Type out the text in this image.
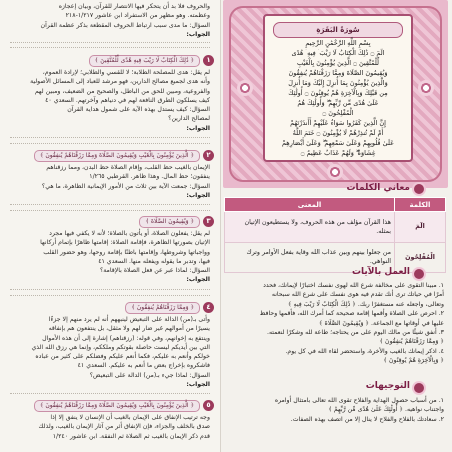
والحروف فلا بد أن يتحكر فيها الانتصار للقرآن، وبيان إعجازه
وعظمته. وهو مظهر من الاستفراد ابن عاشور ١/٢١٧-٢١٨
السؤال: ما مدى سبب ارتباط الحروف المقطعة بذكر عظمة القرآن
الجواب:
١
﴿ ذَٰلِكَ الْكِتَابُ لَا رَيْبَ فِيهِ هُدًى لِّلْمُتَّقِينَ ﴾
لم يقل: هدى للمصلحة الطلابة؛ لا للقسي والطلابي؛ لإرادة العموم،
وأنه هدى لجميع مصالح الدارين، فهو مرشد للعباد إلى المسائل الأصولية
والفروعية، ومبين للحق من الباطل، والصحيح من الضعيف، ومبين لهم
كيف يسلكون الطرق النافعة لهم في دنياهم وآخرتهم. السعدي ٤٠
السؤال: كيف يستدل بهذه الآية على شمول هداية القرآن
لمصالح الدارين؟
الجواب:
٢
﴿ الَّذِينَ يُؤْمِنُونَ بِالْغَيْبِ وَيُقِيمُونَ الصَّلَاةَ وَمِمَّا رَزَقْنَاهُمْ يُنفِقُونَ ﴾
الإيمان بالغيب حظ القلب، وإقام الصلاة حظ البدن، ومما رزقناهم
ينفقون؛ حظ المال. وهذا ظاهر. القرطبي ١/٢٦٥
السؤال: جمعت الآية بين ثلاث من الأمور الإيمانية الظاهرة، ما هي؟
الجواب:
٣
﴿ وَيُقِيمُونَ الصَّلَاةَ ﴾
لم يقل: يفعلون الصلاة، أو يأتون بالصلاة؛ لأنه لا يكفي فيها مجرد
الإتيان بصورتها الظاهرة، فإقامة الصلاة: إقامتها ظاهرًا بإتمام أركانها
وواجباتها وشروطها، وإقامتها باطنًا بإقامة روحها، وهو حضور القلب
فيها، وتدبر ما يقوله ويفعله منها. السعدي ٤١
السؤال: لماذا عبر عن فعل الصلاة بالإقامة؟
الجواب:
٤
﴿ وَمِمَّا رَزَقْنَاهُمْ يُنفِقُونَ ﴾
وأتى بـ(من) الدالة على التبعيض لينبههم أنه لم يرد منهم إلا جزءًا
يسيرًا من أموالهم غير ضار لهم ولا مثقل، بل ينتفعون هم بإنفاقه
وينتفع به إخوانهم، وفي قوله: (رزقناهم) إشارة إلى أن هذه الأموال
التي بين أيديكم ليست حاصلة بقوتكم وملككم، وإنما هي رزق الله الذي
خولكم وأنعم به عليكم، فكما أنعم عليكم وفضلكم على كثير من عباده
فاشكروه بإخراج بعض ما أنعم به عليكم. السعدي ٤١
السؤال: لماذا جيء بـ(من) الدالة على التبعيض؟
الجواب:
٥
﴿ الَّذِينَ يُؤْمِنُونَ بِالْغَيْبِ وَيُقِيمُونَ الصَّلَاةَ وَمِمَّا رَزَقْنَاهُمْ يُنفِقُونَ ﴾
وجه ترتيب الإنفاق على الإيمان بالغيب أن الإنسان لا ينفق إلا إذا
صدق بالخلف والجزاء، فإن الإنفاق أثر من آثار الإيمان بالغيب، ولذلك
قدم ذكر الإيمان بالغيب ثم الصلاة ثم النفقة. ابن عاشور ١/٢٤٠
سُورَةُ البَقَرَةِ
بِسْمِ اللَّهِ الرَّحْمَٰنِ الرَّحِيمِ
الٓمٓ ۝ ذَٰلِكَ الْكِتَابُ لَا رَيْبَ ۛ فِيهِ ۛ هُدًى
لِّلْمُتَّقِينَ ۝ الَّذِينَ يُؤْمِنُونَ بِالْغَيْبِ
وَيُقِيمُونَ الصَّلَاةَ وَمِمَّا رَزَقْنَاهُمْ يُنفِقُونَ
وَالَّذِينَ يُؤْمِنُونَ بِمَا أُنزِلَ إِلَيْكَ وَمَا أُنزِلَ
مِن قَبْلِكَ وَبِالْآخِرَةِ هُمْ يُوقِنُونَ ۝ أُولَٰئِكَ
عَلَىٰ هُدًى مِّن رَّبِّهِمْ ۖ وَأُولَٰئِكَ هُمُ
الْمُفْلِحُونَ ۝
إِنَّ الَّذِينَ كَفَرُوا سَوَاءٌ عَلَيْهِمْ أَأَنذَرْتَهُمْ
أَمْ لَمْ تُنذِرْهُمْ لَا يُؤْمِنُونَ ۝ خَتَمَ اللَّهُ
عَلَىٰ قُلُوبِهِمْ وَعَلَىٰ سَمْعِهِمْ ۖ وَعَلَىٰ أَبْصَارِهِمْ
غِشَاوَةٌ ۖ وَلَهُمْ عَذَابٌ عَظِيمٌ ۝
معاني الكلمات
الكلمة	المعنى
الٓمٓ	هذا القرآن مؤلف من هذه الحروف، ولا يستطيعون الإتيان بمثله.
الْمُفْلِحُونَ	من جعلوا بينهم وبين عذاب الله وقاية بفعل الأوامر وترك النواهي.
العمل بالآيات
١. مبينا التقوى على مخالفة شرع الله لهوى نفسك اختبارًا لإيمانك، فحدد
أمرًا في حياتك ترى أنك تقدم فيه هوى نفسك على شرع الله سبحانه
وتعالى، واجعله عنه مستغفرًا ربك. ﴿ ذَٰلِكَ الْكِتَابُ لَا رَيْبَ فِيهِ ﴾
٢. احرص على الصلاة وأقمها إقامة صحيحة كما أمرك الله، فأقمها وحافظ
عليها في أوقاتها مع الجماعة. ﴿ وَيُقِيمُونَ الصَّلَاةَ ﴾
٣. أنفق شيئًا من مالك اليوم على من يحتاجه؛ طاعة لله وشكرًا لنعمته.
﴿ وَمِمَّا رَزَقْنَاهُمْ يُنفِقُونَ ﴾
٤. اذكر إيمانك بالغيب والأخرة، واستحضر لقاء الله في كل يوم.
﴿ وَبِالْآخِرَةِ هُمْ يُوقِنُونَ ﴾
التوجيهات
١. من أسباب حصول الهداية والفلاح تقوى الله تعالى بامتثال أوامره
واجتناب نواهيه. ﴿ أُولَٰئِكَ عَلَىٰ هُدًى مِّن رَّبِّهِمْ ﴾
٢. سعادتك بالفلاح والفلاح لا ينال إلا من اتصف بهذه الصفات.
